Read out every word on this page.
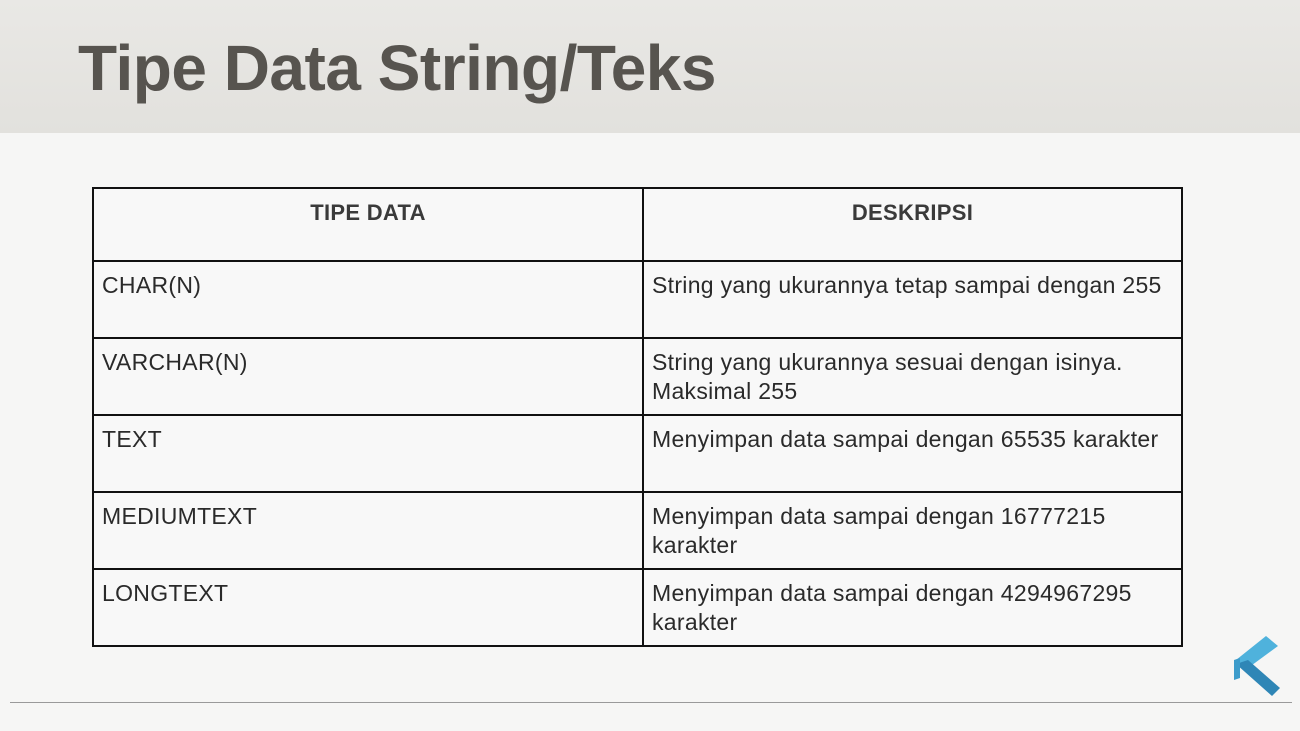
Tipe Data String/Teks
TIPE DATA	DESKRIPSI
CHAR(N)	String yang ukurannya tetap sampai dengan 255
VARCHAR(N)	String yang ukurannya sesuai dengan isinya. Maksimal 255
TEXT	Menyimpan data sampai dengan 65535 karakter
MEDIUMTEXT	Menyimpan data sampai dengan 16777215 karakter
LONGTEXT	Menyimpan data sampai dengan 4294967295 karakter
